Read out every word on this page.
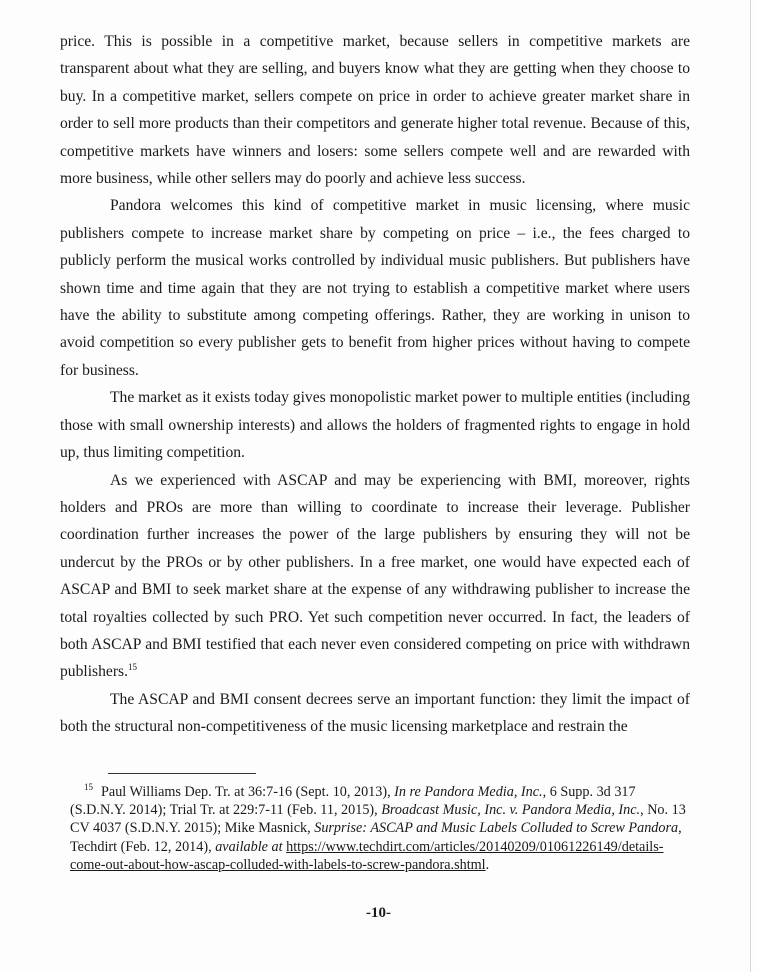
price. This is possible in a competitive market, because sellers in competitive markets are transparent about what they are selling, and buyers know what they are getting when they choose to buy. In a competitive market, sellers compete on price in order to achieve greater market share in order to sell more products than their competitors and generate higher total revenue. Because of this, competitive markets have winners and losers: some sellers compete well and are rewarded with more business, while other sellers may do poorly and achieve less success.

Pandora welcomes this kind of competitive market in music licensing, where music publishers compete to increase market share by competing on price – i.e., the fees charged to publicly perform the musical works controlled by individual music publishers. But publishers have shown time and time again that they are not trying to establish a competitive market where users have the ability to substitute among competing offerings. Rather, they are working in unison to avoid competition so every publisher gets to benefit from higher prices without having to compete for business.

The market as it exists today gives monopolistic market power to multiple entities (including those with small ownership interests) and allows the holders of fragmented rights to engage in hold up, thus limiting competition.

As we experienced with ASCAP and may be experiencing with BMI, moreover, rights holders and PROs are more than willing to coordinate to increase their leverage. Publisher coordination further increases the power of the large publishers by ensuring they will not be undercut by the PROs or by other publishers. In a free market, one would have expected each of ASCAP and BMI to seek market share at the expense of any withdrawing publisher to increase the total royalties collected by such PRO. Yet such competition never occurred. In fact, the leaders of both ASCAP and BMI testified that each never even considered competing on price with withdrawn publishers.$^{15}$

The ASCAP and BMI consent decrees serve an important function: they limit the impact of both the structural non-competitiveness of the music licensing marketplace and restrain the

$^{15}$ Paul Williams Dep. Tr. at 36:7-16 (Sept. 10, 2013), In re Pandora Media, Inc., 6 Supp. 3d 317 (S.D.N.Y. 2014); Trial Tr. at 229:7-11 (Feb. 11, 2015), Broadcast Music, Inc. v. Pandora Media, Inc., No. 13 CV 4037 (S.D.N.Y. 2015); Mike Masnick, Surprise: ASCAP and Music Labels Colluded to Screw Pandora, Techdirt (Feb. 12, 2014), available at https://www.techdirt.com/articles/20140209/01061226149/details-come-out-about-how-ascap-colluded-with-labels-to-screw-pandora.shtml.
-10-
